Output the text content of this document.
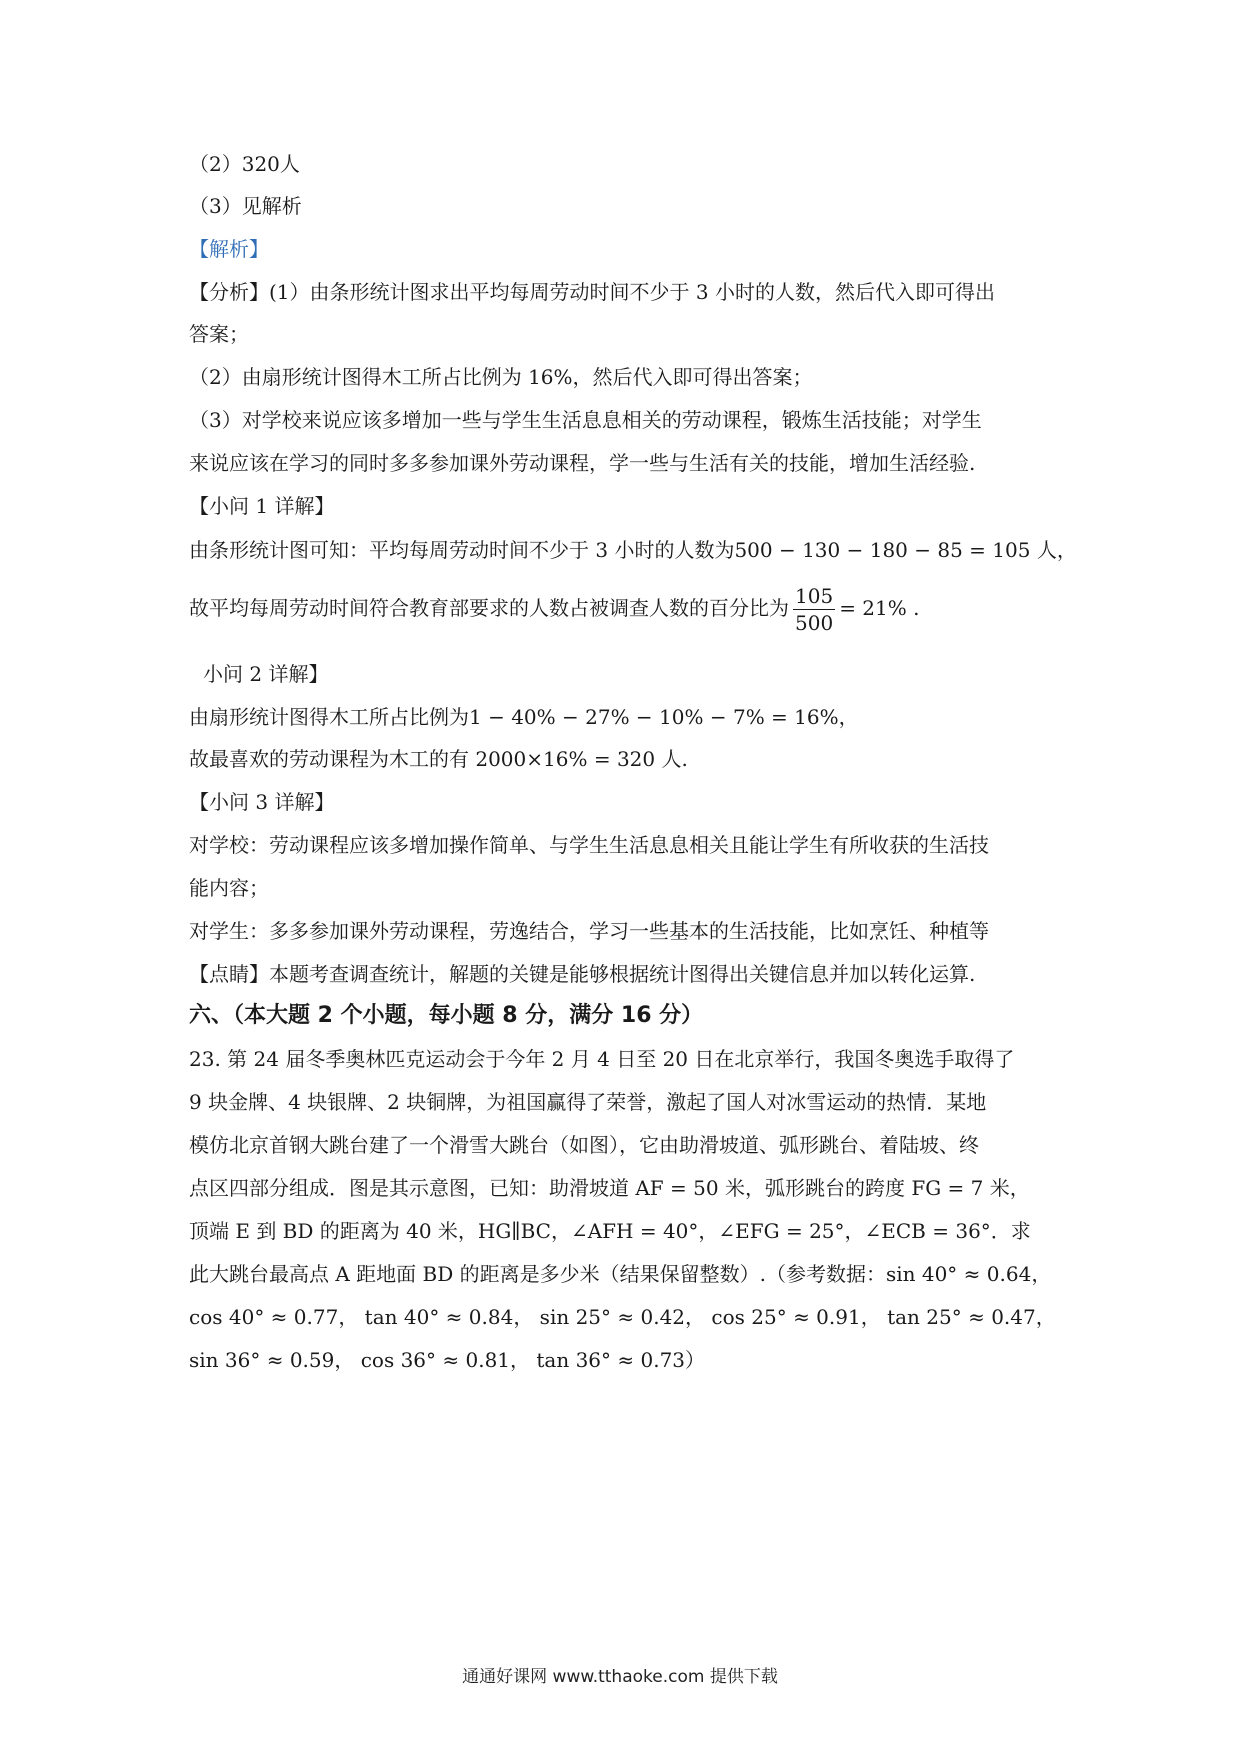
（2）320人
（3）见解析
【解析】
【分析】(1）由条形统计图求出平均每周劳动时间不少于 3 小时的人数，然后代入即可得出
答案；
（2）由扇形统计图得木工所占比例为 16%，然后代入即可得出答案；
（3）对学校来说应该多增加一些与学生生活息息相关的劳动课程，锻炼生活技能；对学生
来说应该在学习的同时多多参加课外劳动课程，学一些与生活有关的技能，增加生活经验.
【小问 1 详解】
由条形统计图可知：平均每周劳动时间不少于 3 小时的人数为500 − 130 − 180 − 85 = 105 人，
故平均每周劳动时间符合教育部要求的人数占被调查人数的百分比为 $\frac{105}{500} = 21\%$ .
小问 2 详解】
由扇形统计图得木工所占比例为1 − 40% − 27% − 10% − 7% = 16%，
故最喜欢的劳动课程为木工的有 2000×16% = 320 人.
【小问 3 详解】
对学校：劳动课程应该多增加操作简单、与学生生活息息相关且能让学生有所收获的生活技
能内容；
对学生：多多参加课外劳动课程，劳逸结合，学习一些基本的生活技能，比如烹饪、种植等
【点睛】本题考查调查统计，解题的关键是能够根据统计图得出关键信息并加以转化运算.
六、（本大题 2 个小题，每小题 8 分，满分 16 分）
23. 第 24 届冬季奥林匹克运动会于今年 2 月 4 日至 20 日在北京举行，我国冬奥选手取得了
9 块金牌、4 块银牌、2 块铜牌，为祖国赢得了荣誉，激起了国人对冰雪运动的热情．某地
模仿北京首钢大跳台建了一个滑雪大跳台（如图），它由助滑坡道、弧形跳台、着陆坡、终
点区四部分组成．图是其示意图，已知：助滑坡道 AF = 50 米，弧形跳台的跨度 FG = 7 米，
顶端 E 到 BD 的距离为 40 米，HG∥BC，∠AFH = 40°，∠EFG = 25°，∠ECB = 36°．求
此大跳台最高点 A 距地面 BD 的距离是多少米（结果保留整数）.（参考数据：sin 40° ≈ 0.64，
cos 40° ≈ 0.77， tan 40° ≈ 0.84， sin 25° ≈ 0.42， cos 25° ≈ 0.91， tan 25° ≈ 0.47，
sin 36° ≈ 0.59， cos 36° ≈ 0.81， tan 36° ≈ 0.73）
通通好课网 www.tthaoke.com 提供下载
